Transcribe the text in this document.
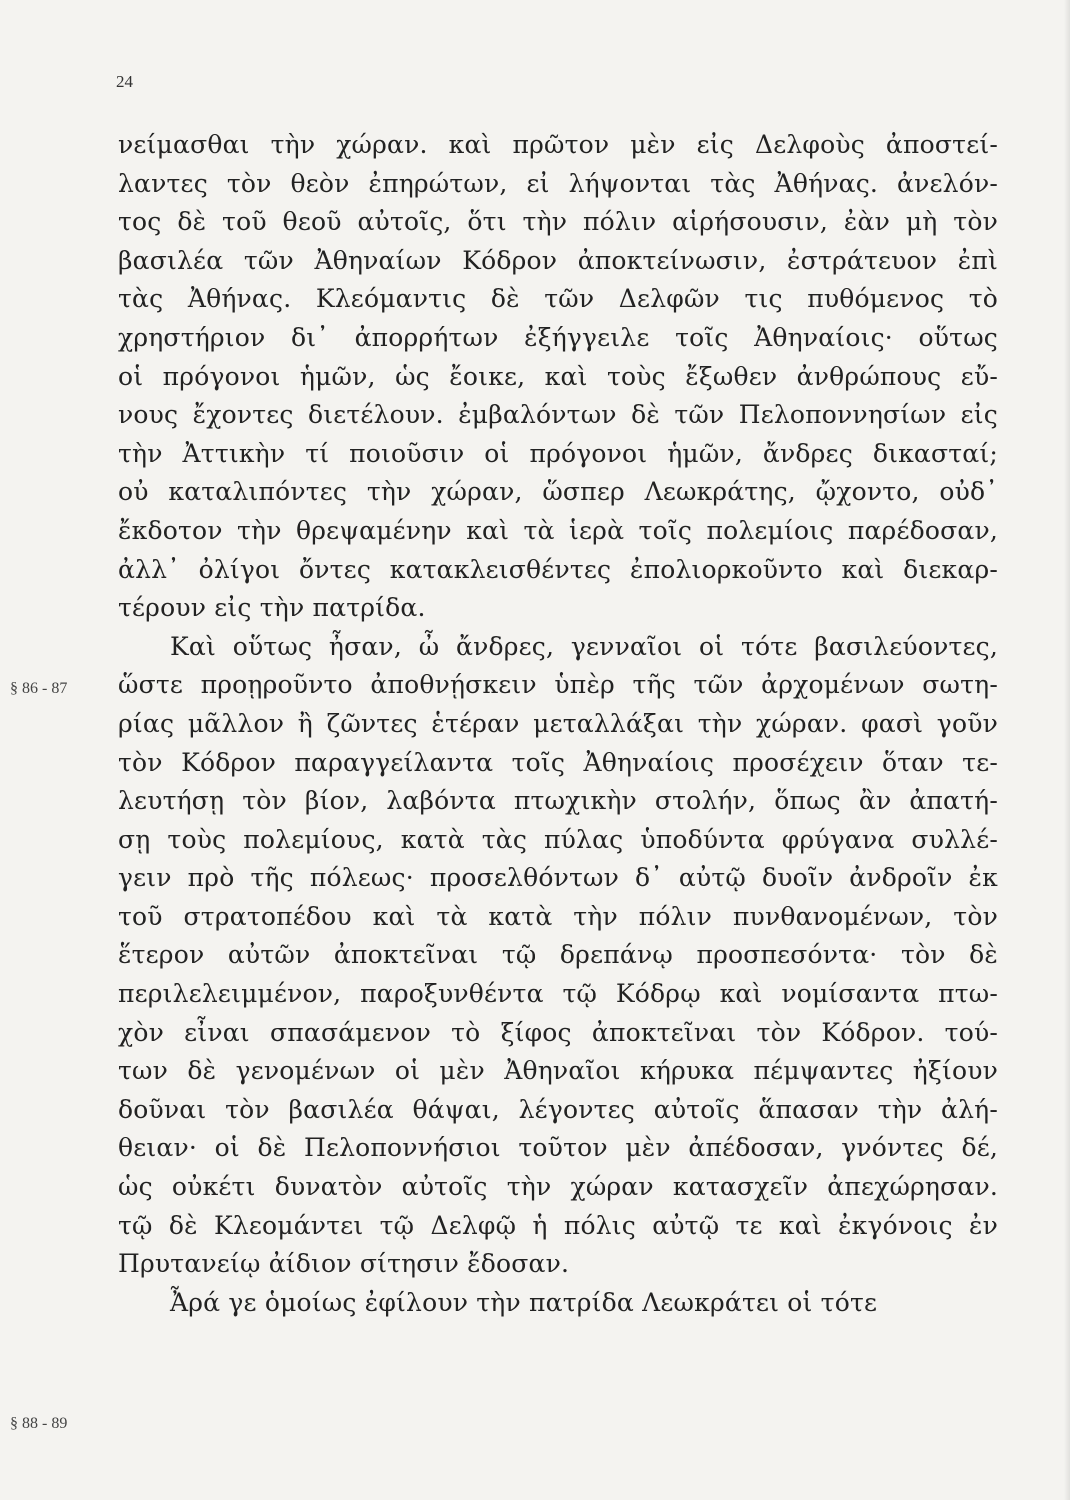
24
§ 86 - 87
§ 88 - 89
νείμασθαι τὴν χώραν. καὶ πρῶτον μὲν εἰς Δελφοὺς ἀποστεί-
λαντες τὸν θεὸν ἐπηρώτων, εἰ λήψονται τὰς Ἀθήνας. ἀνελόν-
τος δὲ τοῦ θεοῦ αὐτοῖς, ὅτι τὴν πόλιν αἱρήσουσιν, ἐὰν μὴ τὸν
βασιλέα τῶν Ἀθηναίων Κόδρον ἀποκτείνωσιν, ἐστράτευον ἐπὶ
τὰς Ἀθήνας. Κλεόμαντις δὲ τῶν Δελφῶν τις πυθόμενος τὸ
χρηστήριον δι᾽ ἀπορρήτων ἐξήγγειλε τοῖς Ἀθηναίοις· οὕτως
οἱ πρόγονοι ἡμῶν, ὡς ἔοικε, καὶ τοὺς ἔξωθεν ἀνθρώπους εὔ-
νους ἔχοντες διετέλουν. ἐμβαλόντων δὲ τῶν Πελοποννησίων εἰς
τὴν Ἀττικὴν τί ποιοῦσιν οἱ πρόγονοι ἡμῶν, ἄνδρες δικασταί;
οὐ καταλιπόντες τὴν χώραν, ὥσπερ Λεωκράτης, ᾤχοντο, οὐδ᾽
ἔκδοτον τὴν θρεψαμένην καὶ τὰ ἱερὰ τοῖς πολεμίοις παρέδοσαν,
ἀλλ᾽ ὀλίγοι ὄντες κατακλεισθέντες ἐπολιορκοῦντο καὶ διεκαρ-
τέρουν εἰς τὴν πατρίδα.
Καὶ οὕτως ἦσαν, ὦ ἄνδρες, γενναῖοι οἱ τότε βασιλεύοντες,
ὥστε προῃροῦντο ἀποθνῄσκειν ὑπὲρ τῆς τῶν ἀρχομένων σωτη-
ρίας μᾶλλον ἢ ζῶντες ἑτέραν μεταλλάξαι τὴν χώραν. φασὶ γοῦν
τὸν Κόδρον παραγγείλαντα τοῖς Ἀθηναίοις προσέχειν ὅταν τε-
λευτήσῃ τὸν βίον, λαβόντα πτωχικὴν στολήν, ὅπως ἂν ἀπατή-
σῃ τοὺς πολεμίους, κατὰ τὰς πύλας ὑποδύντα φρύγανα συλλέ-
γειν πρὸ τῆς πόλεως· προσελθόντων δ᾽ αὐτῷ δυοῖν ἀνδροῖν ἐκ
τοῦ στρατοπέδου καὶ τὰ κατὰ τὴν πόλιν πυνθανομένων, τὸν
ἕτερον αὐτῶν ἀποκτεῖναι τῷ δρεπάνῳ προσπεσόντα· τὸν δὲ
περιλελειμμένον, παροξυνθέντα τῷ Κόδρῳ καὶ νομίσαντα πτω-
χὸν εἶναι σπασάμενον τὸ ξίφος ἀποκτεῖναι τὸν Κόδρον. τού-
των δὲ γενομένων οἱ μὲν Ἀθηναῖοι κήρυκα πέμψαντες ἠξίουν
δοῦναι τὸν βασιλέα θάψαι, λέγοντες αὐτοῖς ἅπασαν τὴν ἀλή-
θειαν· οἱ δὲ Πελοποννήσιοι τοῦτον μὲν ἀπέδοσαν, γνόντες δέ,
ὡς οὐκέτι δυνατὸν αὐτοῖς τὴν χώραν κατασχεῖν ἀπεχώρησαν.
τῷ δὲ Κλεομάντει τῷ Δελφῷ ἡ πόλις αὐτῷ τε καὶ ἐκγόνοις ἐν
Πρυτανείῳ ἀίδιον σίτησιν ἔδοσαν.
Ἆρά γε ὁμοίως ἐφίλουν τὴν πατρίδα Λεωκράτει οἱ τότε
